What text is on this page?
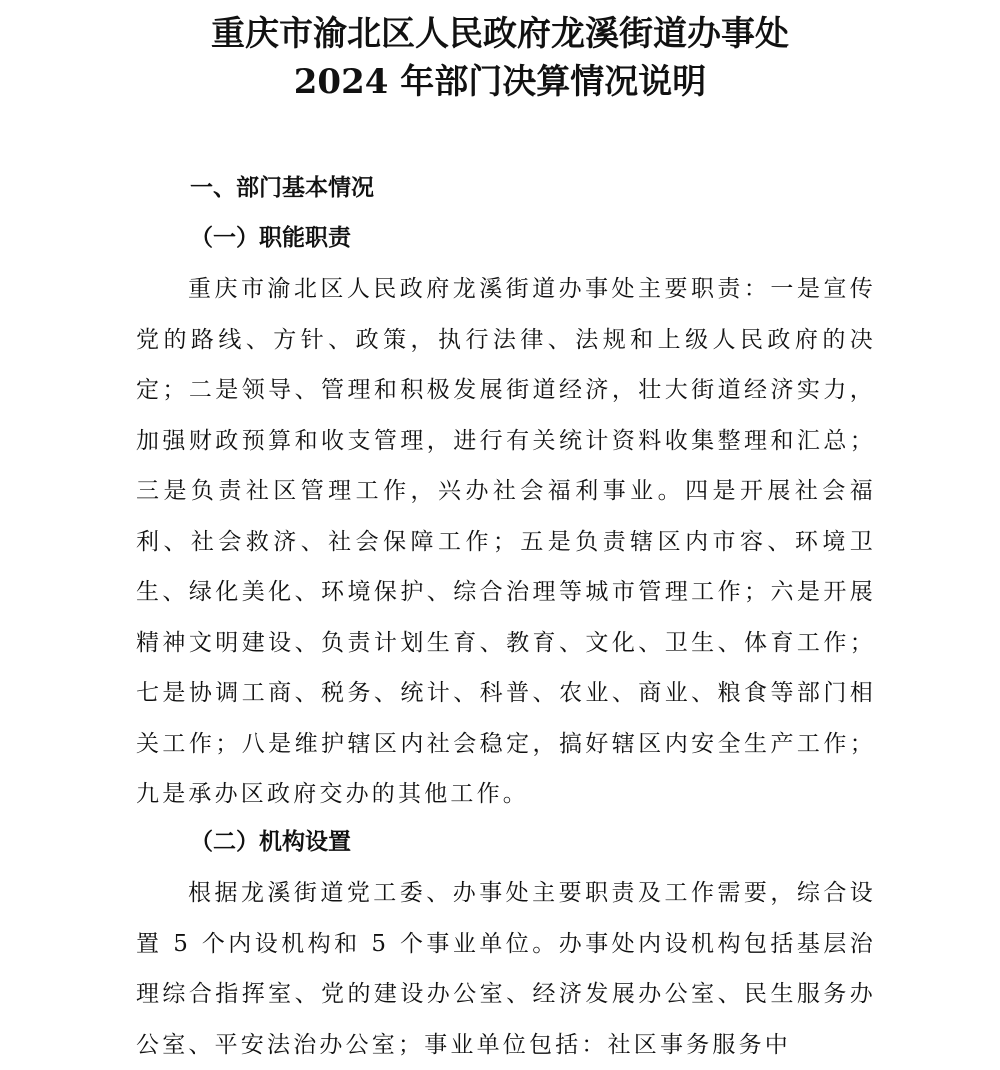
重庆市渝北区人民政府龙溪街道办事处
2024 年部门决算情况说明
一、部门基本情况
（一）职能职责
重庆市渝北区人民政府龙溪街道办事处主要职责：一是宣传党的路线、方针、政策，执行法律、法规和上级人民政府的决定；二是领导、管理和积极发展街道经济，壮大街道经济实力，加强财政预算和收支管理，进行有关统计资料收集整理和汇总；三是负责社区管理工作，兴办社会福利事业。四是开展社会福利、社会救济、社会保障工作；五是负责辖区内市容、环境卫生、绿化美化、环境保护、综合治理等城市管理工作；六是开展精神文明建设、负责计划生育、教育、文化、卫生、体育工作；七是协调工商、税务、统计、科普、农业、商业、粮食等部门相关工作；八是维护辖区内社会稳定，搞好辖区内安全生产工作；九是承办区政府交办的其他工作。
（二）机构设置
根据龙溪街道党工委、办事处主要职责及工作需要，综合设置 5 个内设机构和 5 个事业单位。办事处内设机构包括基层治理综合指挥室、党的建设办公室、经济发展办公室、民生服务办公室、平安法治办公室；事业单位包括：社区事务服务中
